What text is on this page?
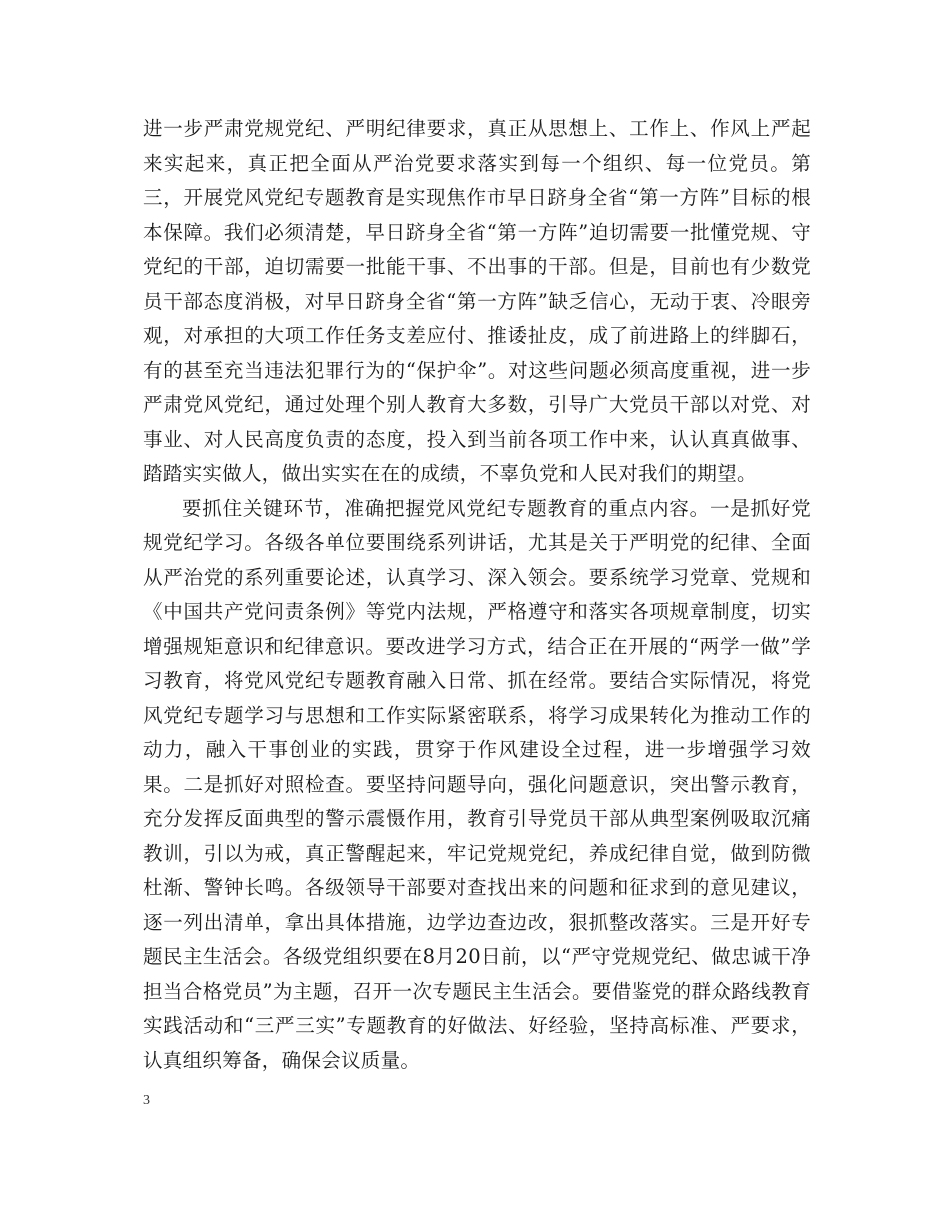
进一步严肃党规党纪、严明纪律要求，真正从思想上、工作上、作风上严起来实起来，真正把全面从严治党要求落实到每一个组织、每一位党员。第三，开展党风党纪专题教育是实现焦作市早日跻身全省“第一方阵”目标的根本保障。我们必须清楚，早日跻身全省“第一方阵”迫切需要一批懂党规、守党纪的干部，迫切需要一批能干事、不出事的干部。但是，目前也有少数党员干部态度消极，对早日跻身全省“第一方阵”缺乏信心，无动于衷、冷眼旁观，对承担的大项工作任务支差应付、推诿扯皮，成了前进路上的绊脚石，有的甚至充当违法犯罪行为的“保护伞”。对这些问题必须高度重视，进一步严肃党风党纪，通过处理个别人教育大多数，引导广大党员干部以对党、对事业、对人民高度负责的态度，投入到当前各项工作中来，认认真真做事、踏踏实实做人，做出实实在在的成绩，不辜负党和人民对我们的期望。

要抓住关键环节，准确把握党风党纪专题教育的重点内容。一是抓好党规党纪学习。各级各单位要围绕系列讲话，尤其是关于严明党的纪律、全面从严治党的系列重要论述，认真学习、深入领会。要系统学习党章、党规和《中国共产党问责条例》等党内法规，严格遵守和落实各项规章制度，切实增强规矩意识和纪律意识。要改进学习方式，结合正在开展的“两学一做”学习教育，将党风党纪专题教育融入日常、抓在经常。要结合实际情况，将党风党纪专题学习与思想和工作实际紧密联系，将学习成果转化为推动工作的动力，融入干事创业的实践，贯穿于作风建设全过程，进一步增强学习效果。二是抓好对照检查。要坚持问题导向，强化问题意识，突出警示教育，充分发挥反面典型的警示震慑作用，教育引导党员干部从典型案例吸取沉痛教训，引以为戒，真正警醒起来，牢记党规党纪，养成纪律自觉，做到防微杜渐、警钟长鸣。各级领导干部要对查找出来的问题和征求到的意见建议，逐一列出清单，拿出具体措施，边学边查边改，狠抓整改落实。三是开好专题民主生活会。各级党组织要在8月20日前，以“严守党规党纪、做忠诚干净担当合格党员”为主题，召开一次专题民主生活会。要借鉴党的群众路线教育实践活动和“三严三实”专题教育的好做法、好经验，坚持高标准、严要求，认真组织筹备，确保会议质量。

3
